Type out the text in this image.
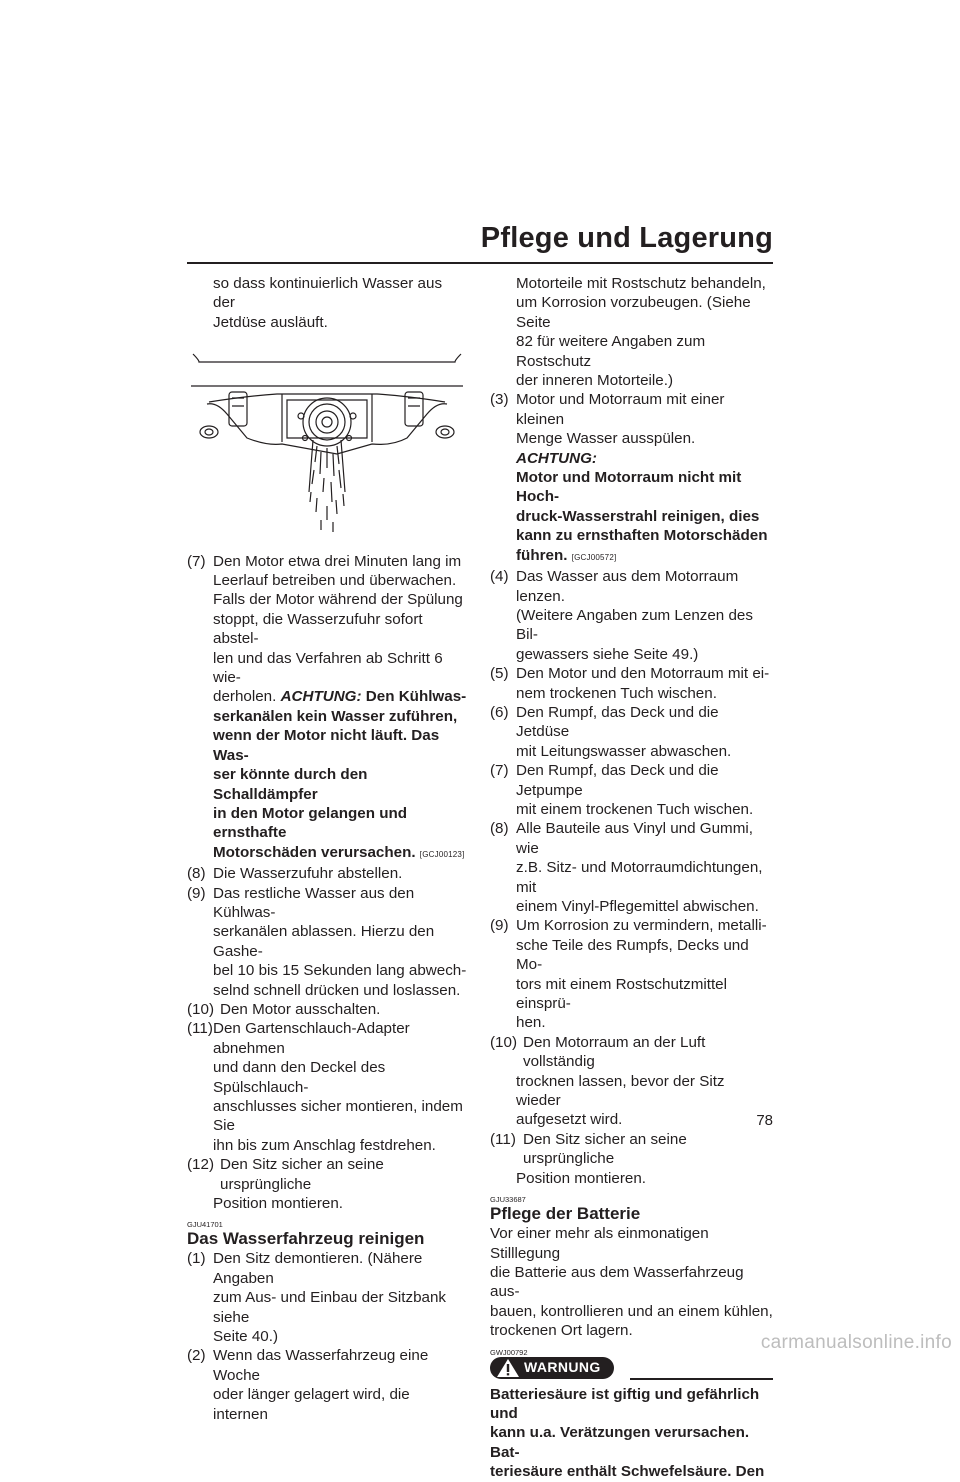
Pflege und Lagerung
so dass kontinuierlich Wasser aus der
Jetdüse ausläuft.
(7) Den Motor etwa drei Minuten lang im
Leerlauf betreiben und überwachen.
Falls der Motor während der Spülung
stoppt, die Wasserzufuhr sofort abstel-
len und das Verfahren ab Schritt 6 wie-
derholen. ACHTUNG: Den Kühlwas-
serkanälen kein Wasser zuführen,
wenn der Motor nicht läuft. Das Was-
ser könnte durch den Schalldämpfer
in den Motor gelangen und ernsthafte
Motorschäden verursachen. [GCJ00123]
(8) Die Wasserzufuhr abstellen.
(9) Das restliche Wasser aus den Kühlwas-
serkanälen ablassen. Hierzu den Gashe-
bel 10 bis 15 Sekunden lang abwech-
selnd schnell drücken und loslassen.
(10) Den Motor ausschalten.
(11) Den Gartenschlauch-Adapter abnehmen
und dann den Deckel des Spülschlauch-
anschlusses sicher montieren, indem Sie
ihn bis zum Anschlag festdrehen.
(12) Den Sitz sicher an seine ursprüngliche
Position montieren.
GJU41701
Das Wasserfahrzeug reinigen
(1) Den Sitz demontieren. (Nähere Angaben
zum Aus- und Einbau der Sitzbank siehe
Seite 40.)
(2) Wenn das Wasserfahrzeug eine Woche
oder länger gelagert wird, die internen
Motorteile mit Rostschutz behandeln,
um Korrosion vorzubeugen. (Siehe Seite
82 für weitere Angaben zum Rostschutz
der inneren Motorteile.)
(3) Motor und Motorraum mit einer kleinen
Menge Wasser ausspülen. ACHTUNG:
Motor und Motorraum nicht mit Hoch-
druck-Wasserstrahl reinigen, dies
kann zu ernsthaften Motorschäden
führen. [GCJ00572]
(4) Das Wasser aus dem Motorraum lenzen.
(Weitere Angaben zum Lenzen des Bil-
gewassers siehe Seite 49.)
(5) Den Motor und den Motorraum mit ei-
nem trockenen Tuch wischen.
(6) Den Rumpf, das Deck und die Jetdüse
mit Leitungswasser abwaschen.
(7) Den Rumpf, das Deck und die Jetpumpe
mit einem trockenen Tuch wischen.
(8) Alle Bauteile aus Vinyl und Gummi, wie
z.B. Sitz- und Motorraumdichtungen, mit
einem Vinyl-Pflegemittel abwischen.
(9) Um Korrosion zu vermindern, metalli-
sche Teile des Rumpfs, Decks und Mo-
tors mit einem Rostschutzmittel einsprü-
hen.
(10) Den Motorraum an der Luft vollständig
trocknen lassen, bevor der Sitz wieder
aufgesetzt wird.
(11) Den Sitz sicher an seine ursprüngliche
Position montieren.
GJU33687
Pflege der Batterie
Vor einer mehr als einmonatigen Stilllegung
die Batterie aus dem Wasserfahrzeug aus-
bauen, kontrollieren und an einem kühlen,
trockenen Ort lagern.
GWJ00792
WARNUNG
Batteriesäure ist giftig und gefährlich und
kann u.a. Verätzungen verursachen. Bat-
teriesäure enthält Schwefelsäure. Den
78
carmanualsonline.info
